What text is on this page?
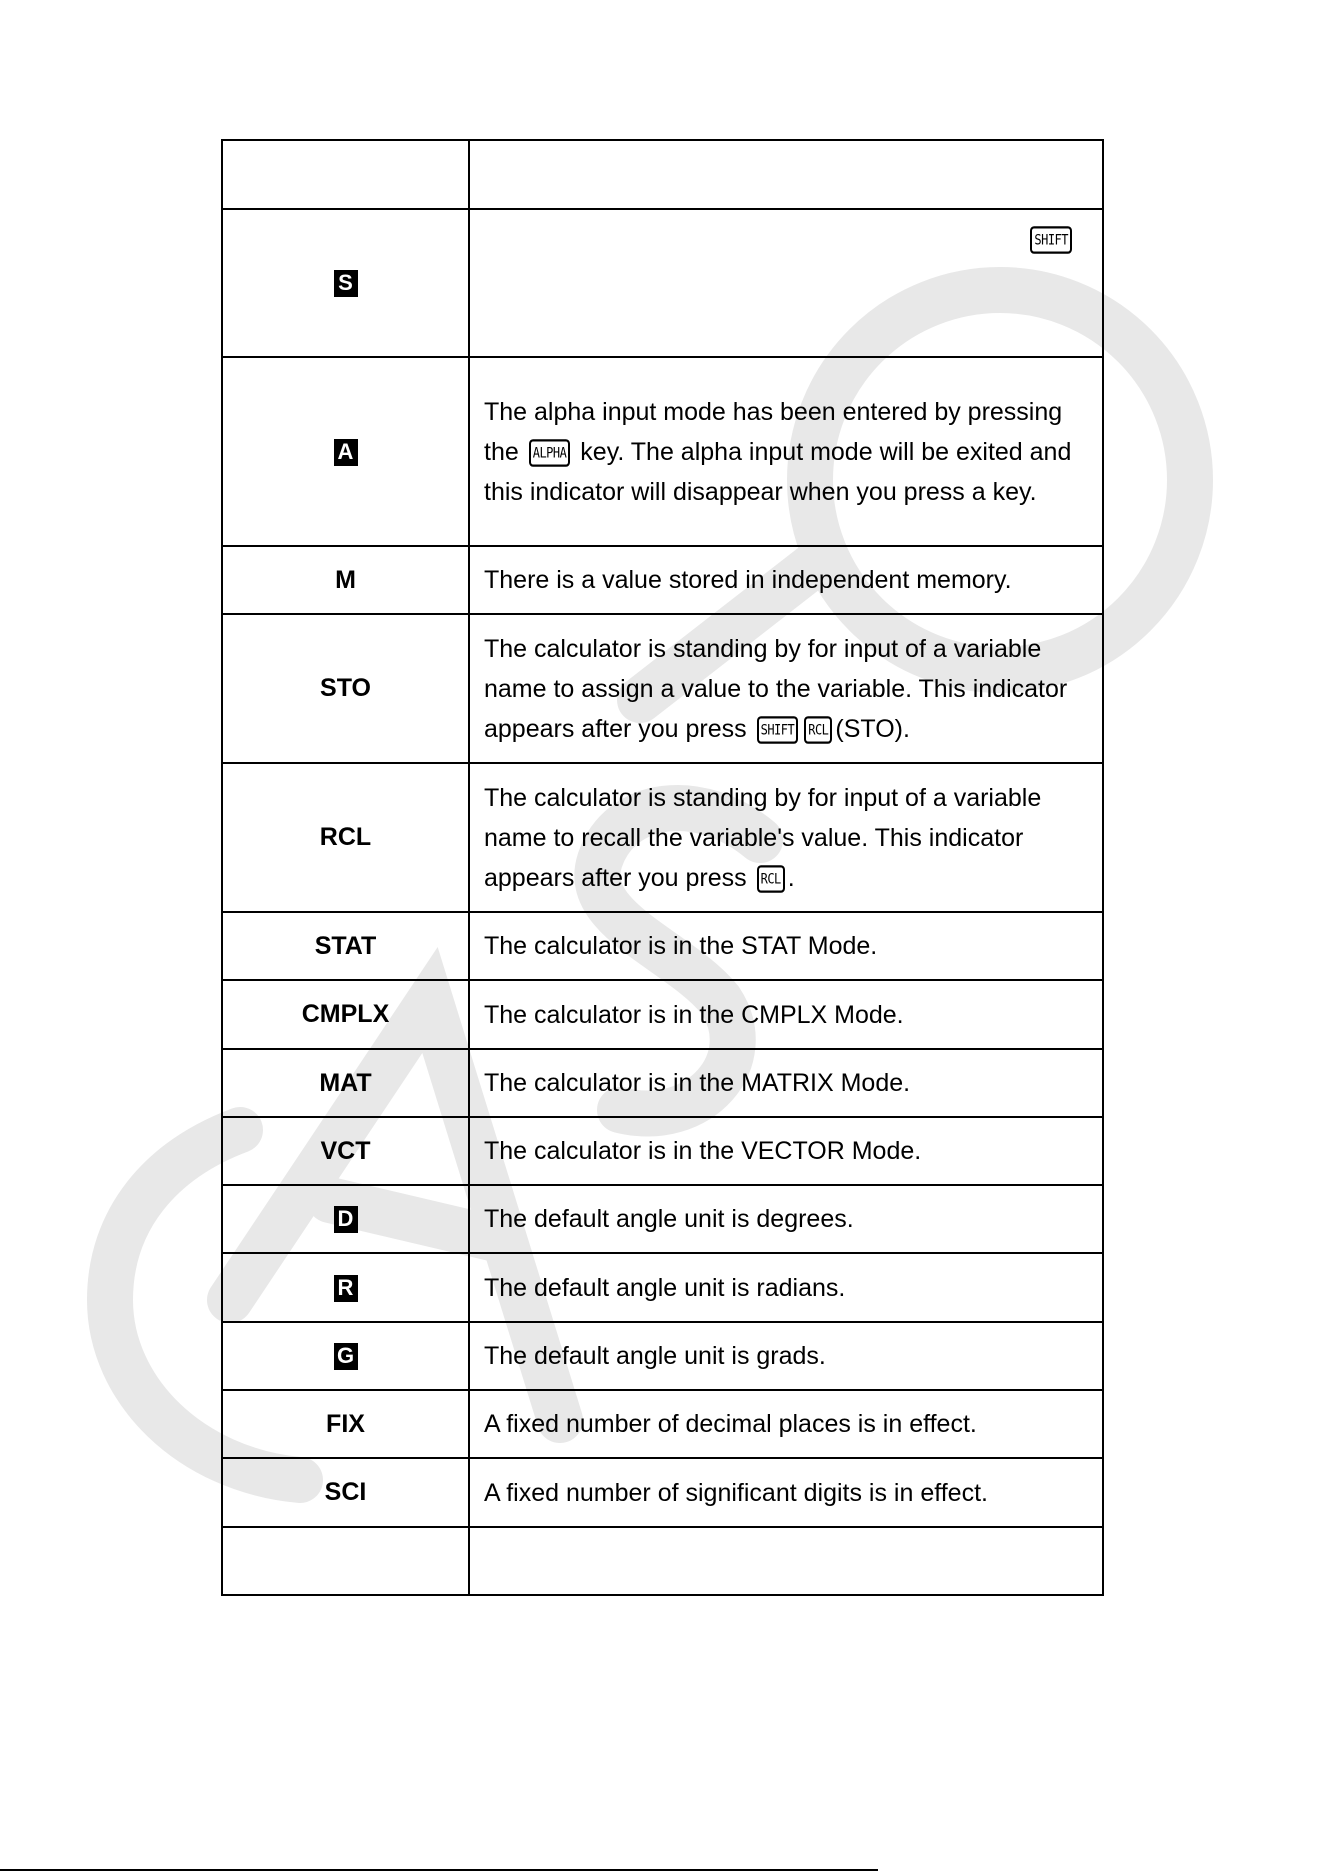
S	SHIFT

A	The alpha input mode has been entered by pressing the ALPHA key. The alpha input mode will be exited and this indicator will disappear when you press a key.
M	There is a value stored in independent memory.
STO	The calculator is standing by for input of a variable name to assign a value to the variable. This indicator appears after you press SHIFT RCL (STO).
RCL	The calculator is standing by for input of a variable name to recall the variable's value. This indicator appears after you press RCL .
STAT	The calculator is in the STAT Mode.
CMPLX	The calculator is in the CMPLX Mode.
MAT	The calculator is in the MATRIX Mode.
VCT	The calculator is in the VECTOR Mode.
D	The default angle unit is degrees.
R	The default angle unit is radians.
G	The default angle unit is grads.
FIX	A fixed number of decimal places is in effect.
SCI	A fixed number of significant digits is in effect.
